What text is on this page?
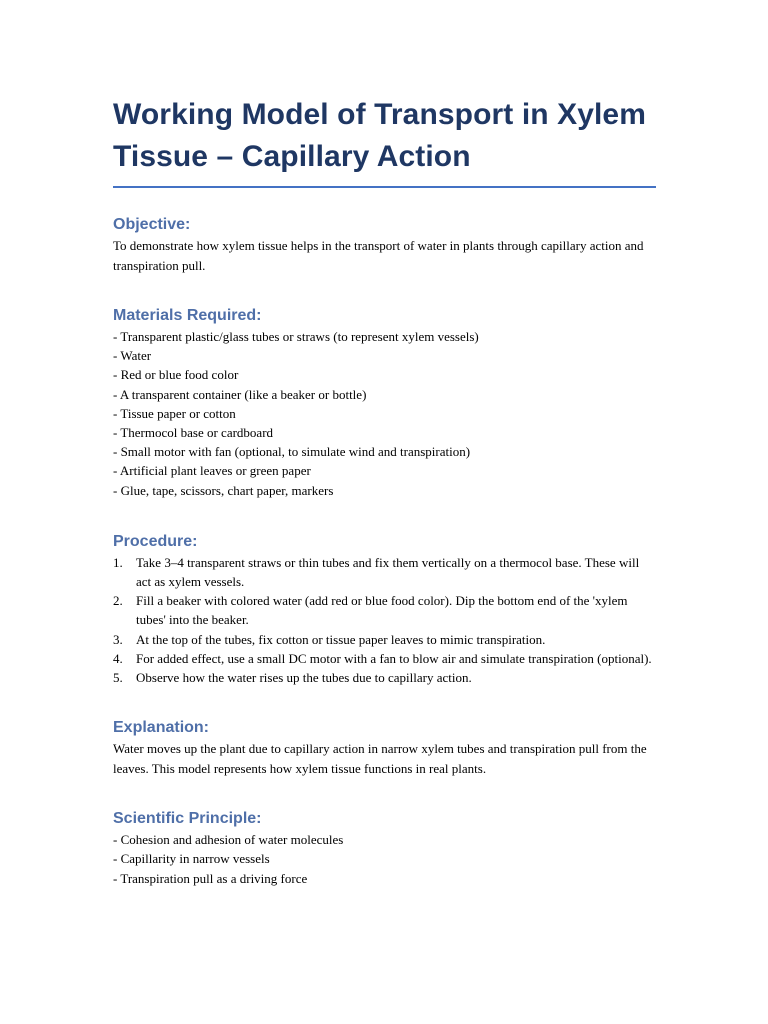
Working Model of Transport in Xylem Tissue – Capillary Action
Objective:

To demonstrate how xylem tissue helps in the transport of water in plants through capillary action and transpiration pull.

Materials Required:

- Transparent plastic/glass tubes or straws (to represent xylem vessels)

- Water

- Red or blue food color

- A transparent container (like a beaker or bottle)

- Tissue paper or cotton

- Thermocol base or cardboard

- Small motor with fan (optional, to simulate wind and transpiration)

- Artificial plant leaves or green paper

- Glue, tape, scissors, chart paper, markers

Procedure:
1. Take 3–4 transparent straws or thin tubes and fix them vertically on a thermocol base. These will act as xylem vessels.
2. Fill a beaker with colored water (add red or blue food color). Dip the bottom end of the 'xylem tubes' into the beaker.
3. At the top of the tubes, fix cotton or tissue paper leaves to mimic transpiration.
4. For added effect, use a small DC motor with a fan to blow air and simulate transpiration (optional).
5. Observe how the water rises up the tubes due to capillary action.
Explanation:

Water moves up the plant due to capillary action in narrow xylem tubes and transpiration pull from the leaves. This model represents how xylem tissue functions in real plants.

Scientific Principle:

- Cohesion and adhesion of water molecules

- Capillarity in narrow vessels

- Transpiration pull as a driving force
